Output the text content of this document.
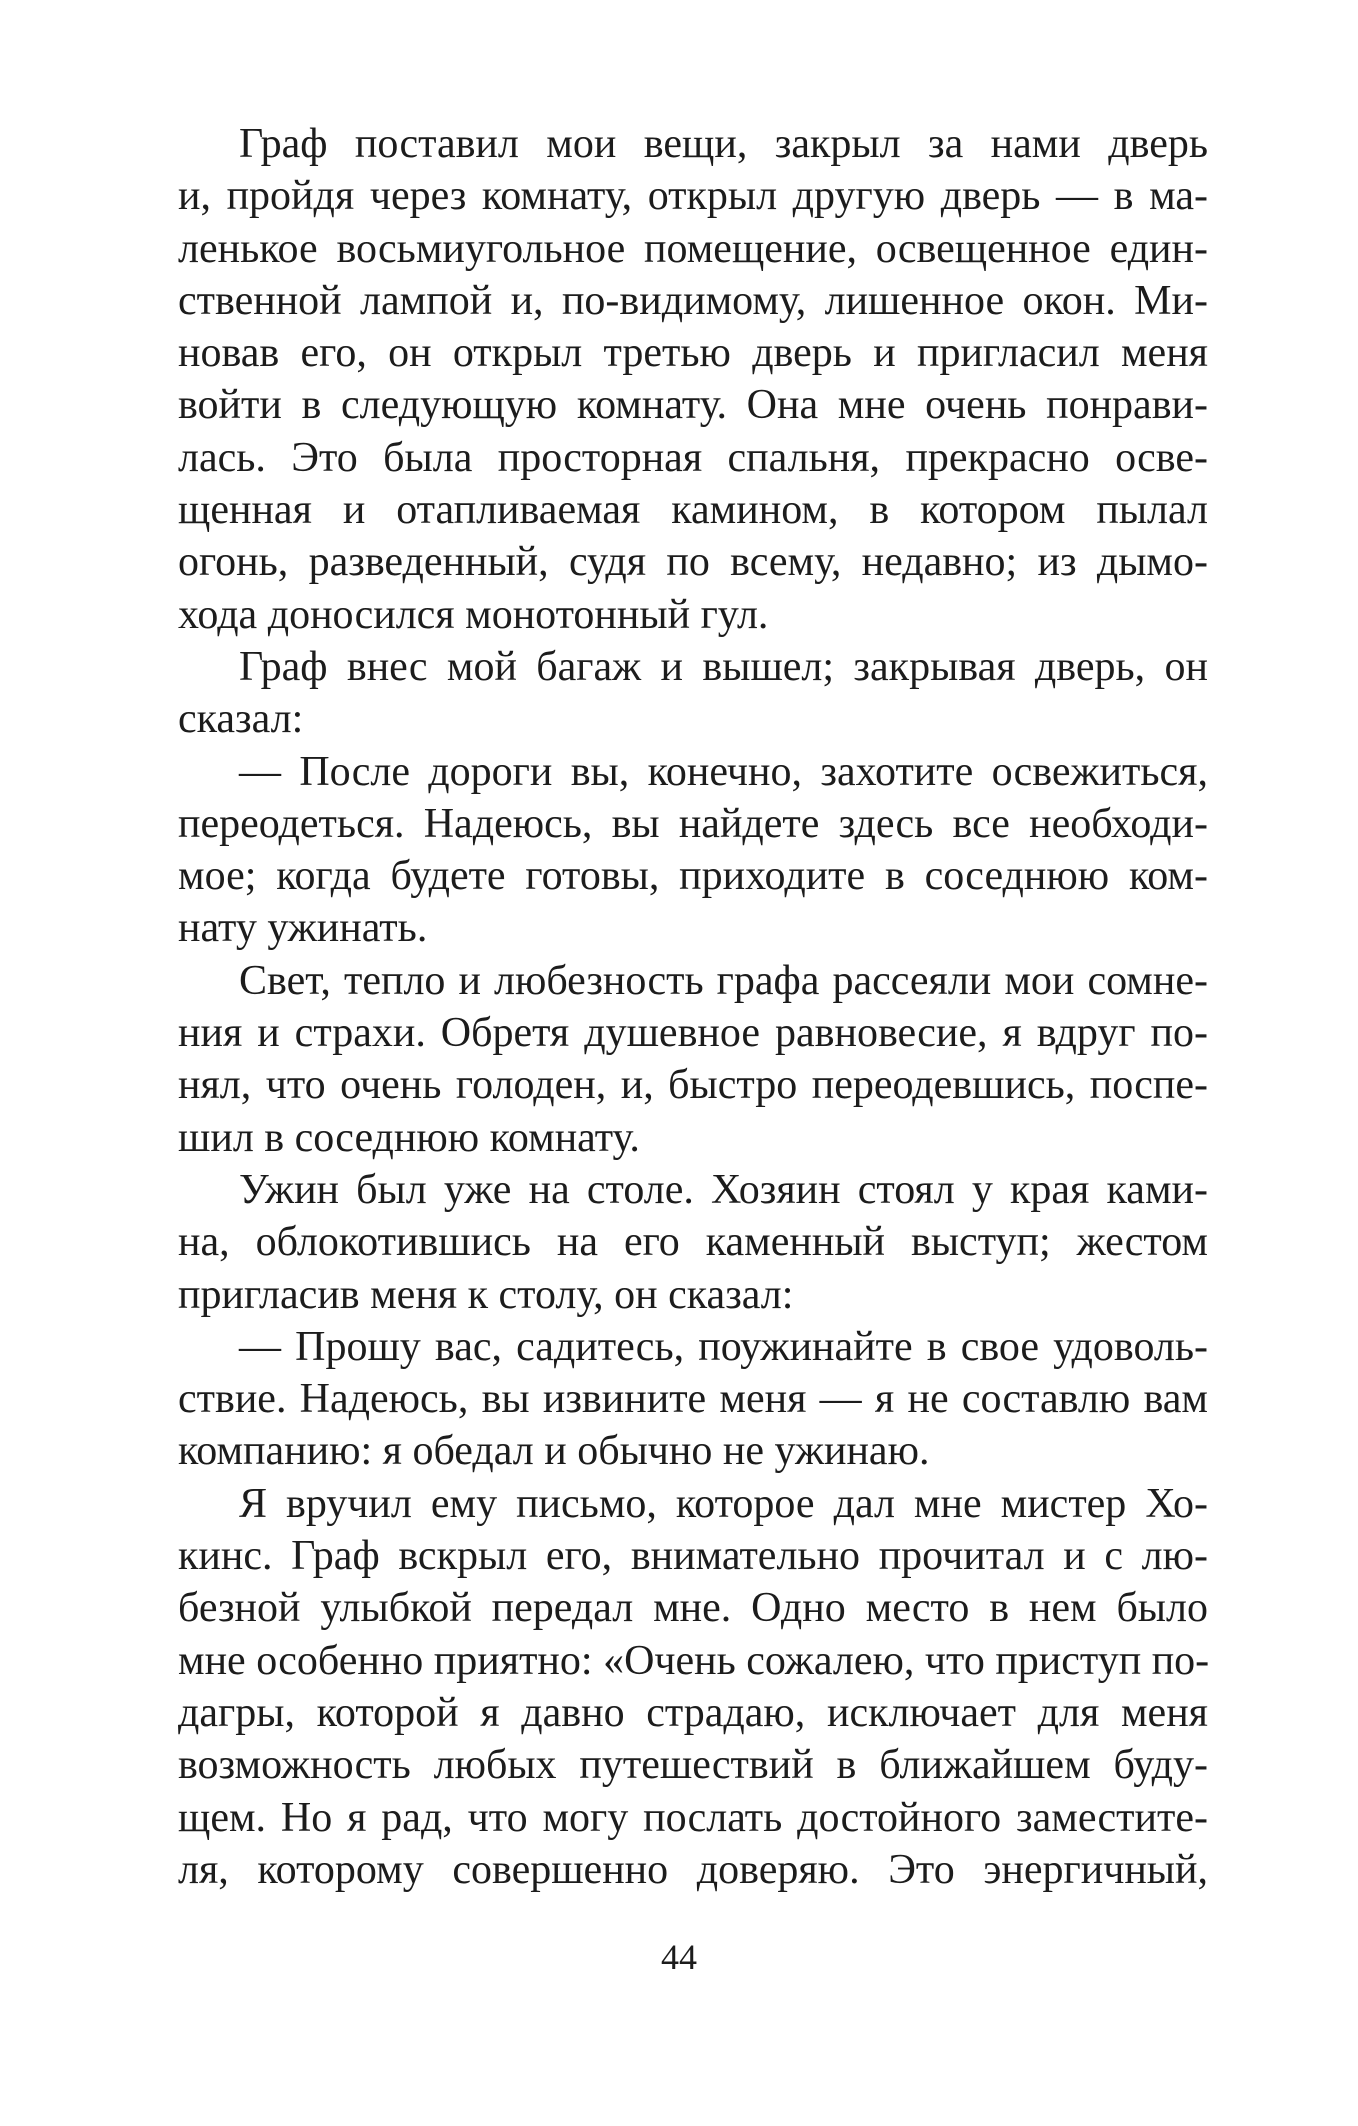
Граф поставил мои вещи, закрыл за нами дверь
и, пройдя через комнату, открыл другую дверь — в ма-
ленькое восьмиугольное помещение, освещенное един-
ственной лампой и, по-видимому, лишенное окон. Ми-
новав его, он открыл третью дверь и пригласил меня
войти в следующую комнату. Она мне очень понрави-
лась. Это была просторная спальня, прекрасно осве-
щенная и отапливаемая камином, в котором пылал
огонь, разведенный, судя по всему, недавно; из дымо-
хода доносился монотонный гул.
Граф внес мой багаж и вышел; закрывая дверь, он
сказал:
— После дороги вы, конечно, захотите освежиться,
переодеться. Надеюсь, вы найдете здесь все необходи-
мое; когда будете готовы, приходите в соседнюю ком-
нату ужинать.
Свет, тепло и любезность графа рассеяли мои сомне-
ния и страхи. Обретя душевное равновесие, я вдруг по-
нял, что очень голоден, и, быстро переодевшись, поспе-
шил в соседнюю комнату.
Ужин был уже на столе. Хозяин стоял у края ками-
на, облокотившись на его каменный выступ; жестом
пригласив меня к столу, он сказал:
— Прошу вас, садитесь, поужинайте в свое удоволь-
ствие. Надеюсь, вы извините меня — я не составлю вам
компанию: я обедал и обычно не ужинаю.
Я вручил ему письмо, которое дал мне мистер Хо-
кинс. Граф вскрыл его, внимательно прочитал и с лю-
безной улыбкой передал мне. Одно место в нем было
мне особенно приятно: «Очень сожалею, что приступ по-
дагры, которой я давно страдаю, исключает для меня
возможность любых путешествий в ближайшем буду-
щем. Но я рад, что могу послать достойного заместите-
ля, которому совершенно доверяю. Это энергичный,
44
